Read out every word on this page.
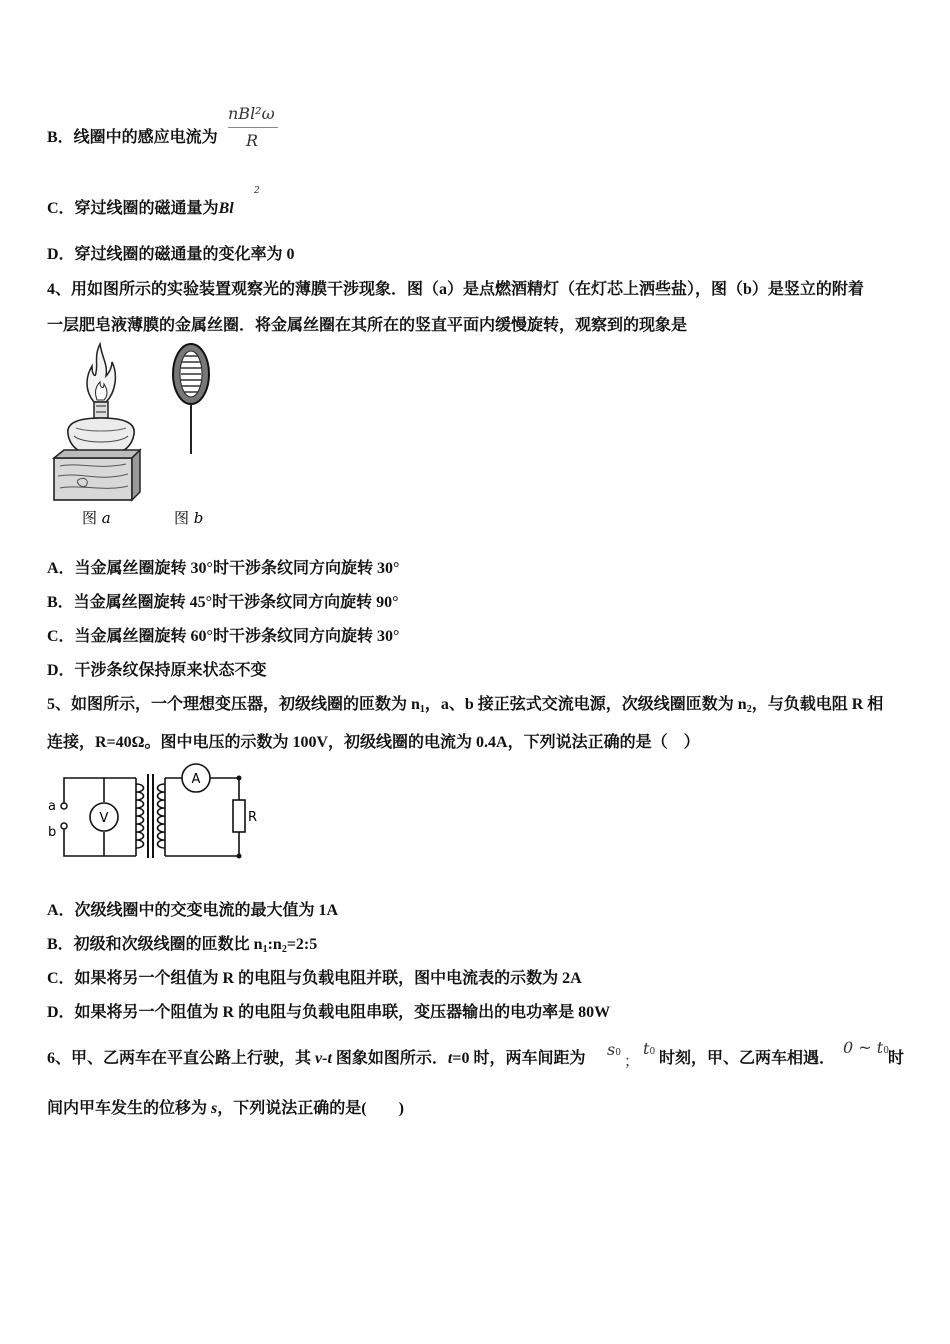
B．线圈中的感应电流为
nBl²ω
R
C．穿过线圈的磁通量为Bl
2
D．穿过线圈的磁通量的变化率为 0
4、用如图所示的实验装置观察光的薄膜干涉现象．图（a）是点燃酒精灯（在灯芯上洒些盐），图（b）是竖立的附着
一层肥皂液薄膜的金属丝圈．将金属丝圈在其所在的竖直平面内缓慢旋转，观察到的现象是
图 a	图 b
A．当金属丝圈旋转 30°时干涉条纹同方向旋转 30°
B．当金属丝圈旋转 45°时干涉条纹同方向旋转 90°
C．当金属丝圈旋转 60°时干涉条纹同方向旋转 30°
D．干涉条纹保持原来状态不变
5、如图所示，一个理想变压器，初级线圈的匝数为 $n_1$，a、b 接正弦式交流电源，次级线圈匝数为 $n_2$，与负载电阻 R 相
连接，R=40Ω。图中电压的示数为 100V，初级线圈的电流为 0.4A，下列说法正确的是（　）
V
A
a
b
R
A．次级线圈中的交变电流的最大值为 1A
B．初级和次级线圈的匝数比 $n_1:n_2=2:5$
C．如果将另一个组值为 R 的电阻与负载电阻并联，图中电流表的示数为 2A
D．如果将另一个阻值为 R 的电阻与负载电阻串联，变压器输出的电功率是 80W
6、甲、乙两车在平直公路上行驶，其 v-t 图象如图所示．t=0 时，两车间距为 s0 ；
t0 时刻，甲、乙两车相遇．
0 ~ t0 时
间内甲车发生的位移为 s，下列说法正确的是(　　)
